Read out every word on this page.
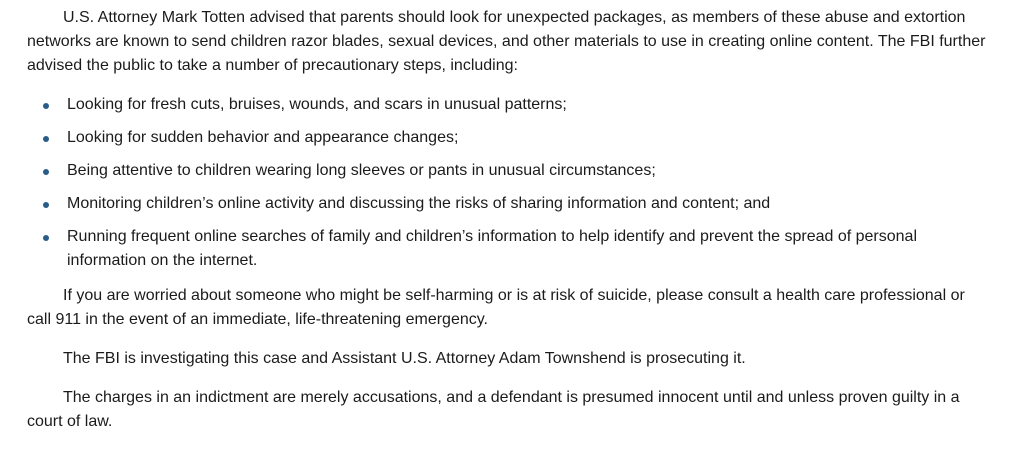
U.S. Attorney Mark Totten advised that parents should look for unexpected packages, as members of these abuse and extortion networks are known to send children razor blades, sexual devices, and other materials to use in creating online content. The FBI further advised the public to take a number of precautionary steps, including:

Looking for fresh cuts, bruises, wounds, and scars in unusual patterns;
Looking for sudden behavior and appearance changes;
Being attentive to children wearing long sleeves or pants in unusual circumstances;
Monitoring children’s online activity and discussing the risks of sharing information and content; and
Running frequent online searches of family and children’s information to help identify and prevent the spread of personal information on the internet.

If you are worried about someone who might be self-harming or is at risk of suicide, please consult a health care professional or call 911 in the event of an immediate, life-threatening emergency.

The FBI is investigating this case and Assistant U.S. Attorney Adam Townshend is prosecuting it.

The charges in an indictment are merely accusations, and a defendant is presumed innocent until and unless proven guilty in a court of law.
